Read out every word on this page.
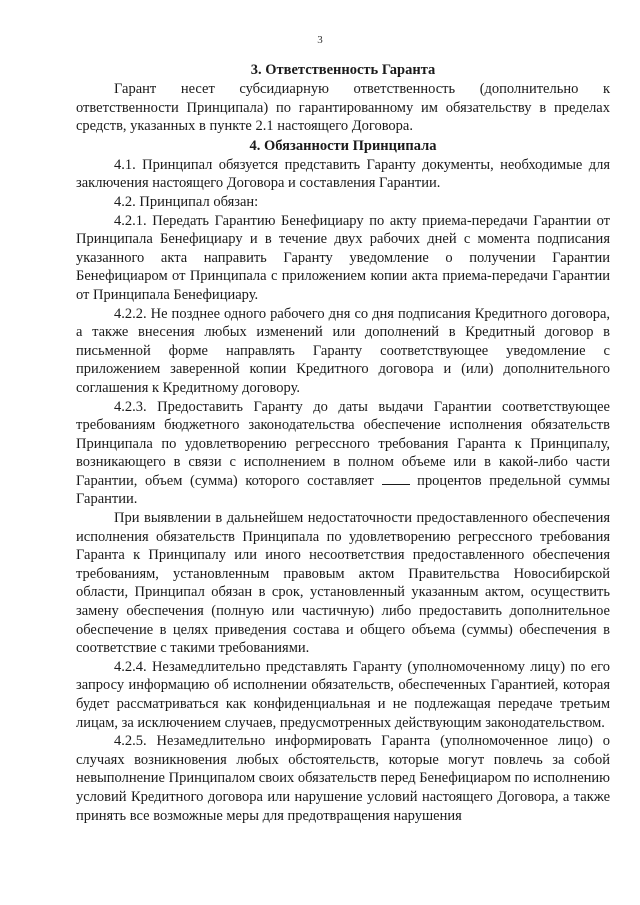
3
3. Ответственность Гаранта

Гарант несет субсидиарную ответственность (дополнительно к ответственности Принципала) по гарантированному им обязательству в пределах средств, указанных в пункте 2.1 настоящего Договора.

4. Обязанности Принципала

4.1. Принципал обязуется представить Гаранту документы, необходимые для заключения настоящего Договора и составления Гарантии.

4.2. Принципал обязан:

4.2.1. Передать Гарантию Бенефициару по акту приема-передачи Гарантии от Принципала Бенефициару и в течение двух рабочих дней с момента подписания указанного акта направить Гаранту уведомление о получении Гарантии Бенефициаром от Принципала с приложением копии акта приема-передачи Гарантии от Принципала Бенефициару.

4.2.2. Не позднее одного рабочего дня со дня подписания Кредитного договора, а также внесения любых изменений или дополнений в Кредитный договор в письменной форме направлять Гаранту соответствующее уведомление с приложением заверенной копии Кредитного договора и (или) дополнительного соглашения к Кредитному договору.

4.2.3. Предоставить Гаранту до даты выдачи Гарантии соответствующее требованиям бюджетного законодательства обеспечение исполнения обязательств Принципала по удовлетворению регрессного требования Гаранта к Принципалу, возникающего в связи с исполнением в полном объеме или в какой-либо части Гарантии, объем (сумма) которого составляет	процентов предельной суммы Гарантии.

При выявлении в дальнейшем недостаточности предоставленного обеспечения исполнения обязательств Принципала по удовлетворению регрессного требования Гаранта к Принципалу или иного несоответствия предоставленного обеспечения требованиям, установленным правовым актом Правительства Новосибирской области, Принципал обязан в срок, установленный указанным актом, осуществить замену обеспечения (полную или частичную) либо предоставить дополнительное обеспечение в целях приведения состава и общего объема (суммы) обеспечения в соответствие с такими требованиями.

4.2.4. Незамедлительно представлять Гаранту (уполномоченному лицу) по его запросу информацию об исполнении обязательств, обеспеченных Гарантией, которая будет рассматриваться как конфиденциальная и не подлежащая передаче третьим лицам, за исключением случаев, предусмотренных действующим законодательством.

4.2.5. Незамедлительно информировать Гаранта (уполномоченное лицо) о случаях возникновения любых обстоятельств, которые могут повлечь за собой невыполнение Принципалом своих обязательств перед Бенефициаром по исполнению условий Кредитного договора или нарушение условий настоящего Договора, а также принять все возможные меры для предотвращения нарушения
